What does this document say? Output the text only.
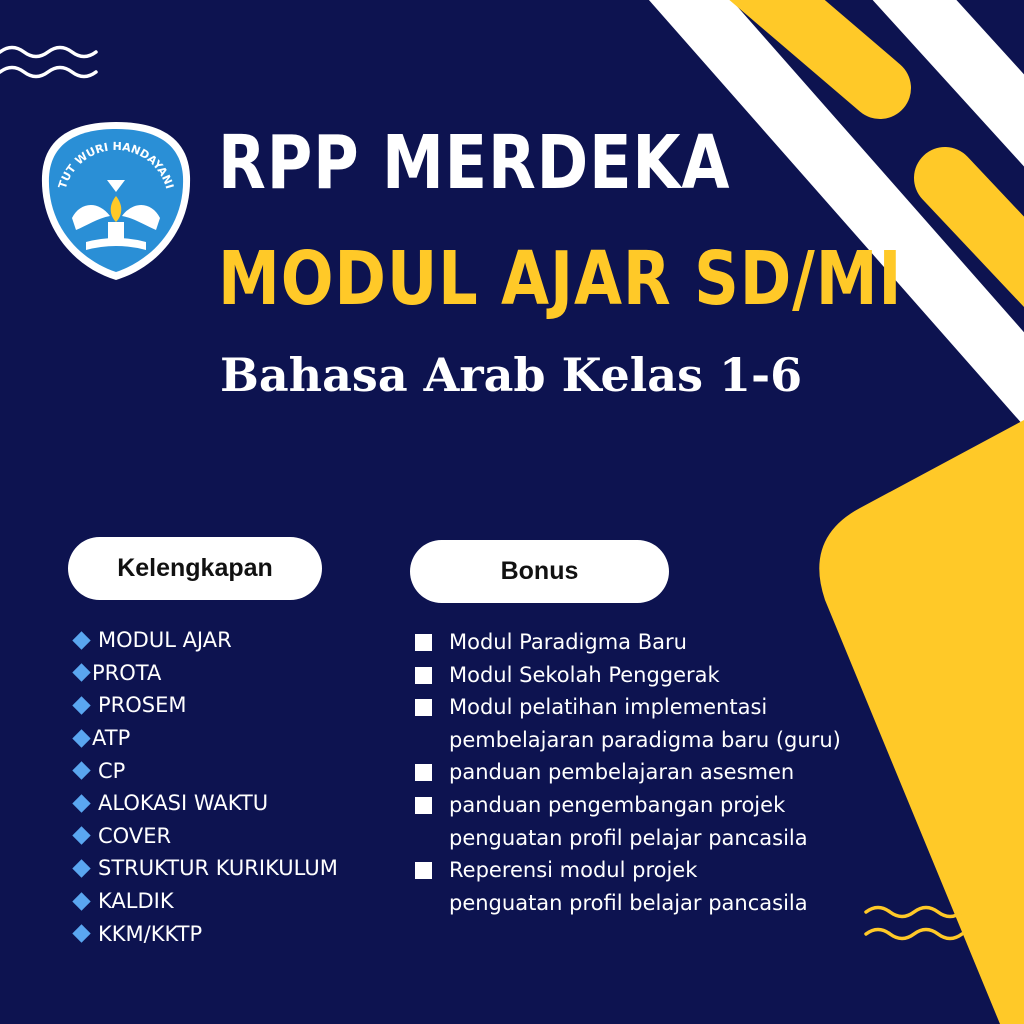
TUT WURI HANDAYANI RPP MERDEKA
MODUL AJAR SD/MI
Bahasa Arab Kelas 1-6
Kelengkapan	Bonus
MODUL AJAR
PROTA
PROSEM
ATP
CP
ALOKASI WAKTU
COVER
STRUKTUR KURIKULUM
KALDIK
KKM/KKTP
Modul Paradigma Baru
Modul Sekolah Penggerak
Modul pelatihan implementasi
pembelajaran paradigma baru (guru)
panduan pembelajaran asesmen
panduan pengembangan projek
penguatan profil pelajar pancasila
Reperensi modul projek
penguatan profil belajar pancasila
